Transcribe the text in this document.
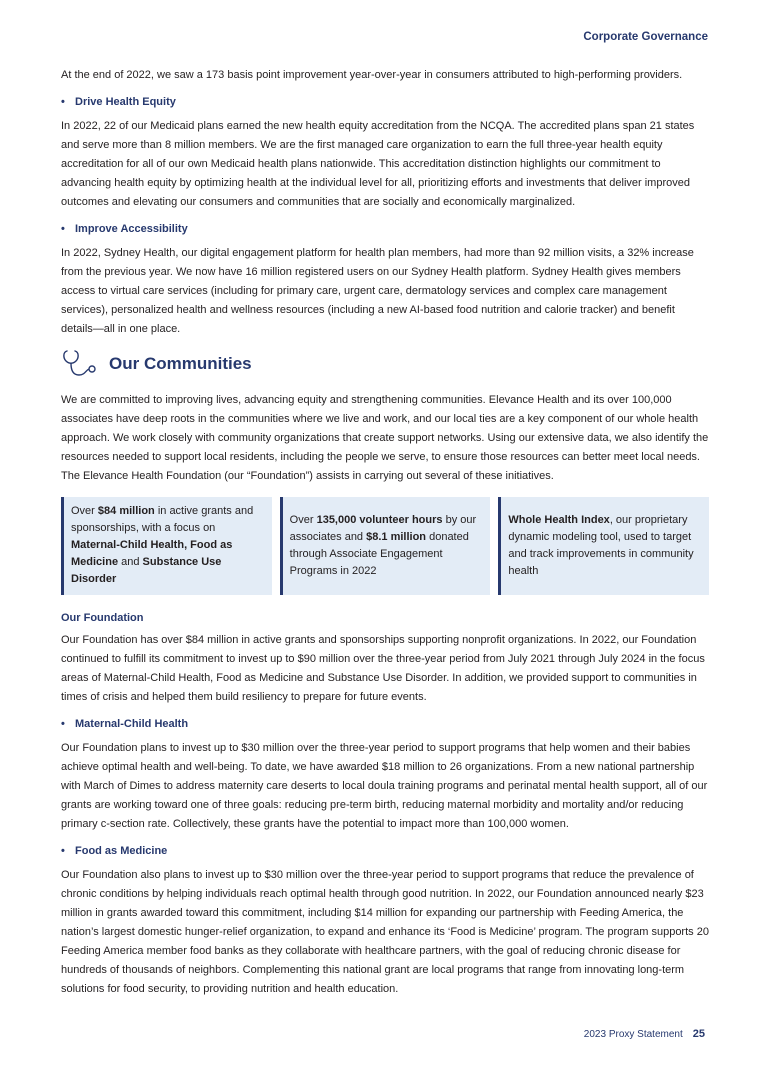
Corporate Governance

At the end of 2022, we saw a 173 basis point improvement year-over-year in consumers attributed to high-performing providers.

• Drive Health Equity

In 2022, 22 of our Medicaid plans earned the new health equity accreditation from the NCQA. The accredited plans span 21 states and serve more than 8 million members. We are the first managed care organization to earn the full three-year health equity accreditation for all of our own Medicaid health plans nationwide. This accreditation distinction highlights our commitment to advancing health equity by optimizing health at the individual level for all, prioritizing efforts and investments that deliver improved outcomes and elevating our consumers and communities that are socially and economically marginalized.

• Improve Accessibility

In 2022, Sydney Health, our digital engagement platform for health plan members, had more than 92 million visits, a 32% increase from the previous year. We now have 16 million registered users on our Sydney Health platform. Sydney Health gives members access to virtual care services (including for primary care, urgent care, dermatology services and complex care management services), personalized health and wellness resources (including a new AI-based food nutrition and calorie tracker) and benefit details—all in one place.

Our Communities

We are committed to improving lives, advancing equity and strengthening communities. Elevance Health and its over 100,000 associates have deep roots in the communities where we live and work, and our local ties are a key component of our whole health approach. We work closely with community organizations that create support networks. Using our extensive data, we also identify the resources needed to support local residents, including the people we serve, to ensure those resources can better meet local needs. The Elevance Health Foundation (our “Foundation”) assists in carrying out several of these initiatives.

Over $84 million in active grants and sponsorships, with a focus on Maternal-Child Health, Food as Medicine and Substance Use Disorder
Over 135,000 volunteer hours by our associates and $8.1 million donated through Associate Engagement Programs in 2022
Whole Health Index, our proprietary dynamic modeling tool, used to target and track improvements in community health
Our Foundation

Our Foundation has over $84 million in active grants and sponsorships supporting nonprofit organizations. In 2022, our Foundation continued to fulfill its commitment to invest up to $90 million over the three-year period from July 2021 through July 2024 in the focus areas of Maternal-Child Health, Food as Medicine and Substance Use Disorder. In addition, we provided support to communities in times of crisis and helped them build resiliency to prepare for future events.

• Maternal-Child Health

Our Foundation plans to invest up to $30 million over the three-year period to support programs that help women and their babies achieve optimal health and well-being. To date, we have awarded $18 million to 26 organizations. From a new national partnership with March of Dimes to address maternity care deserts to local doula training programs and perinatal mental health support, all of our grants are working toward one of three goals: reducing pre-term birth, reducing maternal morbidity and mortality and/or reducing primary c-section rate. Collectively, these grants have the potential to impact more than 100,000 women.

• Food as Medicine

Our Foundation also plans to invest up to $30 million over the three-year period to support programs that reduce the prevalence of chronic conditions by helping individuals reach optimal health through good nutrition. In 2022, our Foundation announced nearly $23 million in grants awarded toward this commitment, including $14 million for expanding our partnership with Feeding America, the nation’s largest domestic hunger-relief organization, to expand and enhance its ‘Food is Medicine’ program. The program supports 20 Feeding America member food banks as they collaborate with healthcare partners, with the goal of reducing chronic disease for hundreds of thousands of neighbors. Complementing this national grant are local programs that range from innovating long-term solutions for food security, to providing nutrition and health education.

2023 Proxy Statement 25
